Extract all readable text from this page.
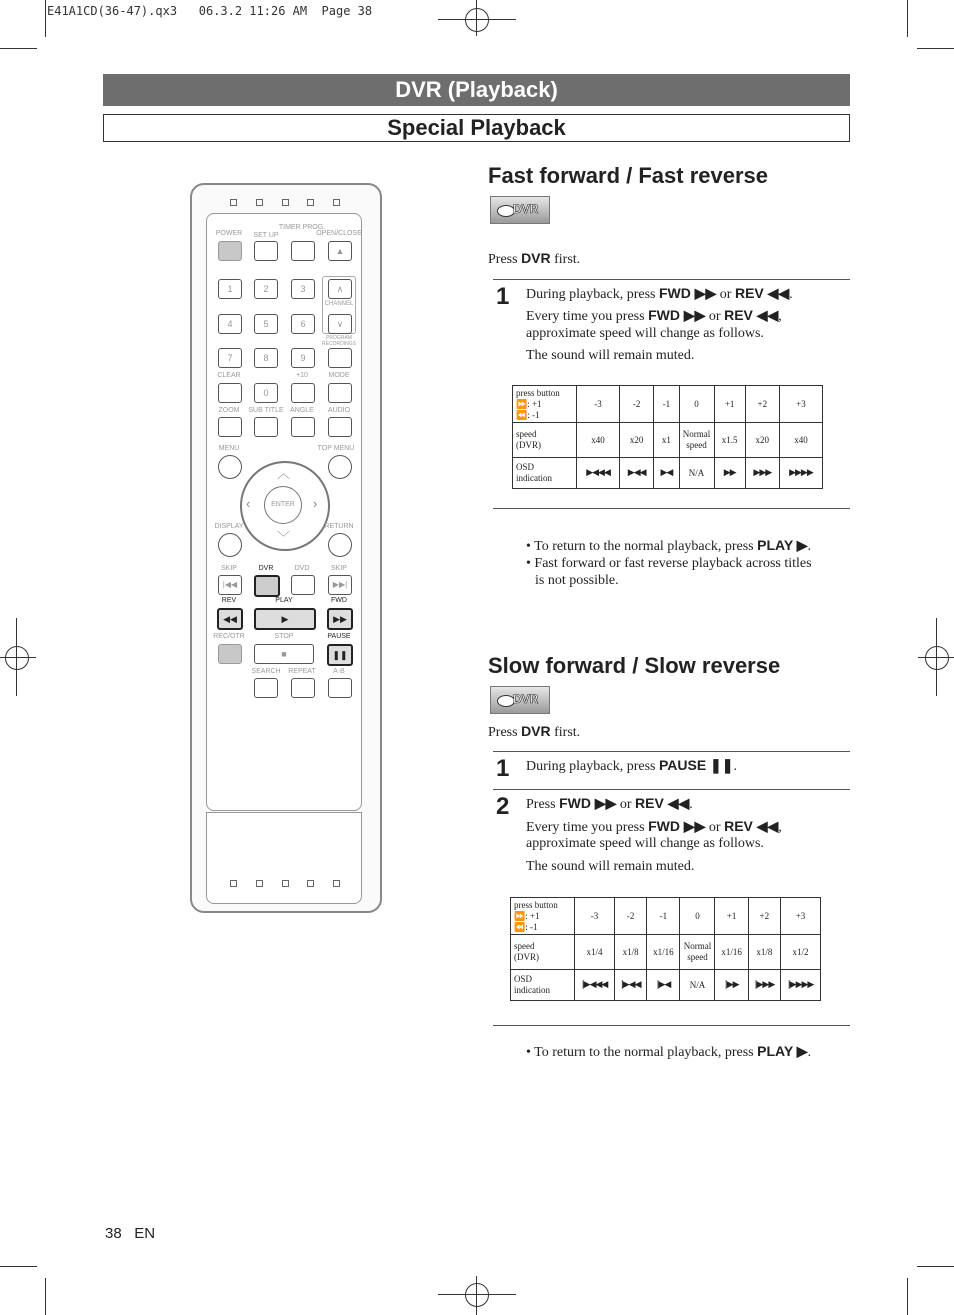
E41A1CD(36-47).qx3   06.3.2 11:26 AM  Page 38
DVR (Playback)
Special Playback
POWER	SET UP
TIMER PROG.
OPEN/CLOSE
▲
1	2	3
4	5	6
7	8	9
∧
CHANNEL
∨
PROGRAM RECORDINGS
CLEAR	+10	MODE
0
ZOOM	SUB TITLE ANGLE	AUDIO
MENU	TOP MENU
ENTER
︿
﹀
‹	›
DISPLAY	RETURN
SKIP	DVR	DVD	SKIP
|◀◀	▶▶|
REV	PLAY	FWD
◀◀	▶	▶▶
REC/OTR	STOP	PAUSE
■	❚❚
SEARCH	REPEAT	A-B
Fast forward / Fast reverse
DVR
Press DVR first.
1 During playback, press FWD ▶▶ or REV ◀◀.
Every time you press FWD ▶▶ or REV ◀◀,
approximate speed will change as follows.
The sound will remain muted.
press button
⏩: +1
⏪: -1	-3	-2	-1	0	+1	+2	+3
speed
(DVR)	x40	x20	x1	Normal speed	x1.5	x20	x40
OSD
indication	▶◀◀◀	▶◀◀	▶◀	N/A	▶▶	▶▶▶	▶▶▶▶
• To return to the normal playback, press PLAY ▶.
• Fast forward or fast reverse playback across titles
is not possible.
Slow forward / Slow reverse
DVR
Press DVR first.
1 During playback, press PAUSE ❚❚.
2 Press FWD ▶▶ or REV ◀◀.
Every time you press FWD ▶▶ or REV ◀◀,
approximate speed will change as follows.
The sound will remain muted.
press button
⏩: +1
⏪: -1	-3	-2	-1	0	+1	+2	+3
speed
(DVR)	x1/4	x1/8	x1/16	Normal speed	x1/16	x1/8	x1/2
OSD
indication	|▶◀◀◀	|▶◀◀	|▶◀	N/A	|▶▶	|▶▶▶	|▶▶▶▶
• To return to the normal playback, press PLAY ▶.
38 EN
